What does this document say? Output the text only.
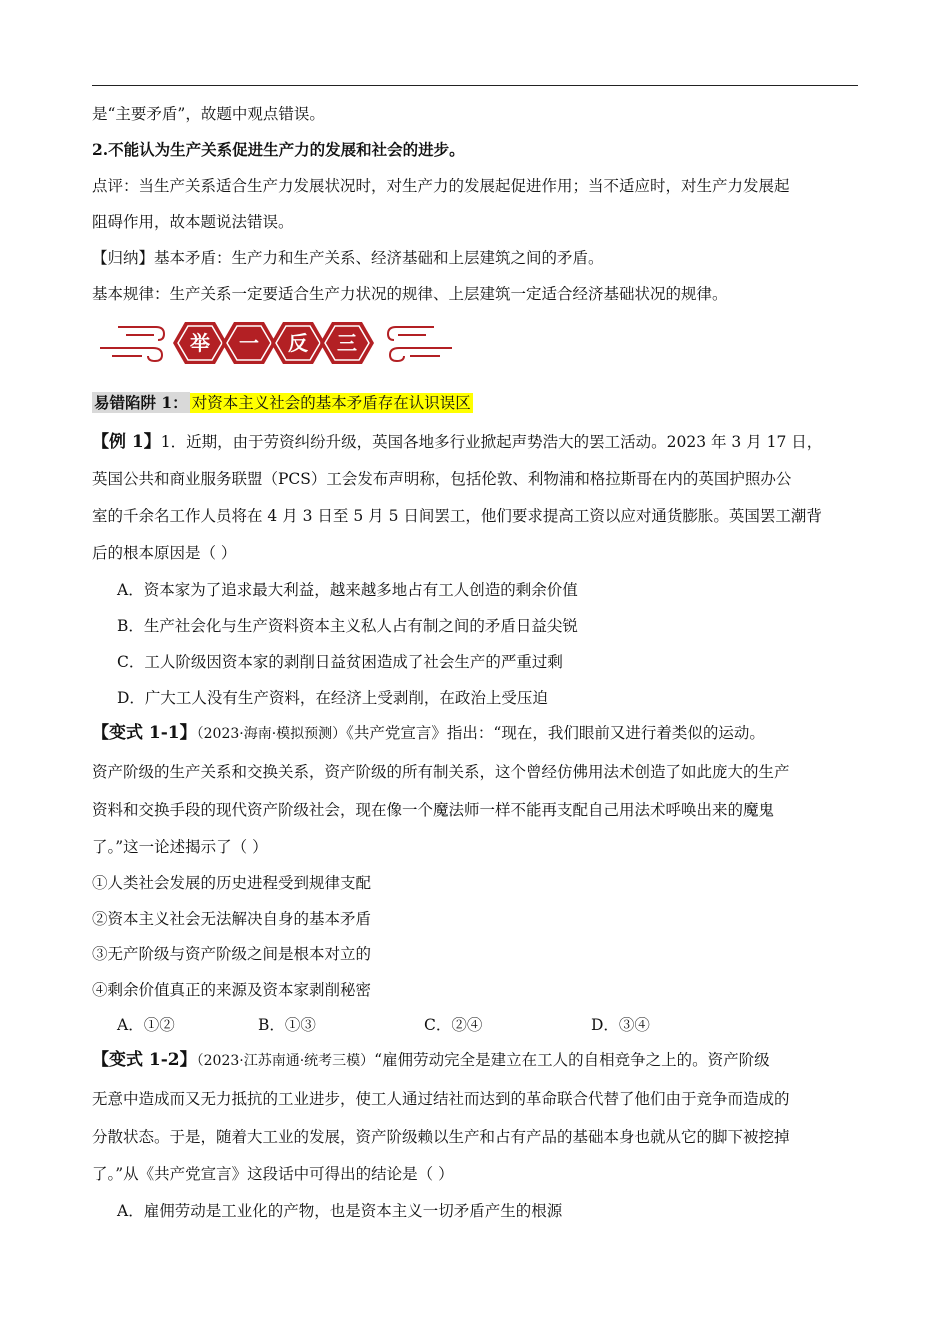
是“主要矛盾”，故题中观点错误。
2.不能认为生产关系促进生产力的发展和社会的进步。
点评：当生产关系适合生产力发展状况时，对生产力的发展起促进作用；当不适应时，对生产力发展起
阻碍作用，故本题说法错误。
【归纳】基本矛盾：生产力和生产关系、经济基础和上层建筑之间的矛盾。
基本规律：生产关系一定要适合生产力状况的规律、上层建筑一定适合经济基础状况的规律。
举 一 反 三
易错陷阱 1： 对资本主义社会的基本矛盾存在认识误区
【例 1】1．近期，由于劳资纠纷升级，英国各地多行业掀起声势浩大的罢工活动。2023 年 3 月 17 日，
英国公共和商业服务联盟（PCS）工会发布声明称，包括伦敦、利物浦和格拉斯哥在内的英国护照办公
室的千余名工作人员将在 4 月 3 日至 5 月 5 日间罢工，他们要求提高工资以应对通货膨胀。英国罢工潮背
后的根本原因是（ ）
A．资本家为了追求最大利益，越来越多地占有工人创造的剩余价值
B．生产社会化与生产资料资本主义私人占有制之间的矛盾日益尖锐
C．工人阶级因资本家的剥削日益贫困造成了社会生产的严重过剩
D．广大工人没有生产资料，在经济上受剥削，在政治上受压迫
【变式 1-1】（2023·海南·模拟预测）《共产党宣言》指出：“现在，我们眼前又进行着类似的运动。
资产阶级的生产关系和交换关系，资产阶级的所有制关系，这个曾经仿佛用法术创造了如此庞大的生产
资料和交换手段的现代资产阶级社会，现在像一个魔法师一样不能再支配自己用法术呼唤出来的魔鬼
了。”这一论述揭示了（ ）
①人类社会发展的历史进程受到规律支配
②资本主义社会无法解决自身的基本矛盾
③无产阶级与资产阶级之间是根本对立的
④剩余价值真正的来源及资本家剥削秘密
A．①②	B．①③	C．②④	D．③④
【变式 1-2】（2023·江苏南通·统考三模）“雇佣劳动完全是建立在工人的自相竞争之上的。资产阶级
无意中造成而又无力抵抗的工业进步，使工人通过结社而达到的革命联合代替了他们由于竞争而造成的
分散状态。于是，随着大工业的发展，资产阶级赖以生产和占有产品的基础本身也就从它的脚下被挖掉
了。”从《共产党宣言》这段话中可得出的结论是（ ）
A．雇佣劳动是工业化的产物，也是资本主义一切矛盾产生的根源
